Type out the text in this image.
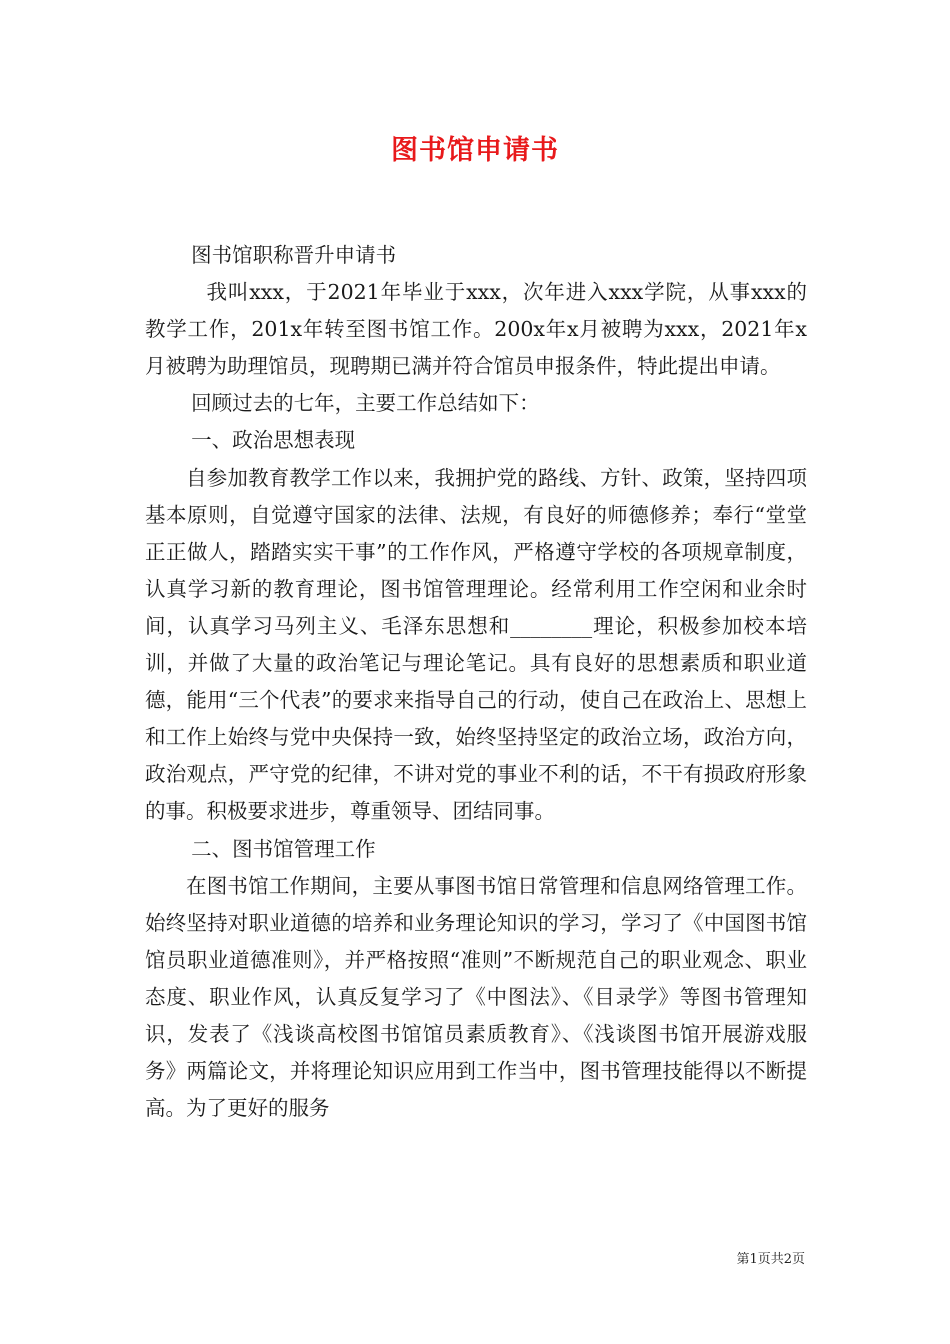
图书馆申请书

图书馆职称晋升申请书

我叫xxx，于2021年毕业于xxx，次年进入xxx学院，从事xxx的教学工作，201x年转至图书馆工作。200x年x月被聘为xxx，2021年x月被聘为助理馆员，现聘期已满并符合馆员申报条件，特此提出申请。

回顾过去的七年，主要工作总结如下：

一、政治思想表现

自参加教育教学工作以来，我拥护党的路线、方针、政策，坚持四项基本原则，自觉遵守国家的法律、法规，有良好的师德修养；奉行“堂堂正正做人，踏踏实实干事”的工作作风，严格遵守学校的各项规章制度，认真学习新的教育理论，图书馆管理理论。经常利用工作空闲和业余时间，认真学习马列主义、毛泽东思想和________理论，积极参加校本培训，并做了大量的政治笔记与理论笔记。具有良好的思想素质和职业道德，能用“三个代表”的要求来指导自己的行动，使自己在政治上、思想上和工作上始终与党中央保持一致，始终坚持坚定的政治立场，政治方向，政治观点，严守党的纪律，不讲对党的事业不利的话，不干有损政府形象的事。积极要求进步，尊重领导、团结同事。

二、图书馆管理工作

在图书馆工作期间，主要从事图书馆日常管理和信息网络管理工作。始终坚持对职业道德的培养和业务理论知识的学习，学习了《中国图书馆馆员职业道德准则》，并严格按照“准则”不断规范自己的职业观念、职业态度、职业作风，认真反复学习了《中图法》、《目录学》等图书管理知识，发表了《浅谈高校图书馆馆员素质教育》、《浅谈图书馆开展游戏服务》两篇论文，并将理论知识应用到工作当中，图书管理技能得以不断提高。为了更好的服务

第1页共2页
